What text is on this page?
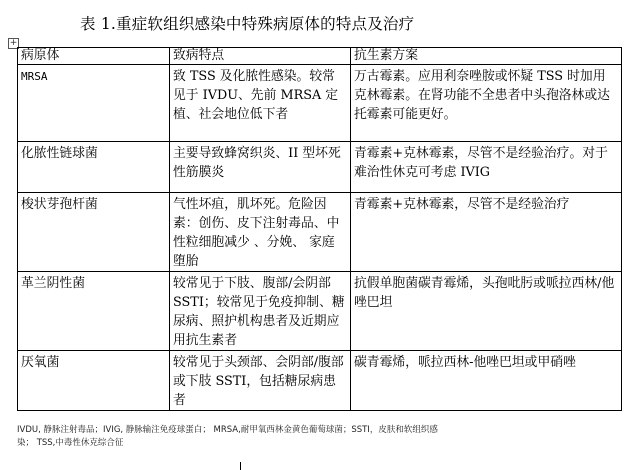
表 1.重症软组织感染中特殊病原体的特点及治疗
+
病原体	致病特点	抗生素方案
MRSA	致 TSS 及化脓性感染。较常见于 IVDU、先前 MRSA 定植、社会地位低下者	万古霉素。应用利奈唑胺或怀疑 TSS 时加用克林霉素。在肾功能不全患者中头孢洛林或达托霉素可能更好。
化脓性链球菌	主要导致蜂窝织炎、II 型坏死性筋膜炎	青霉素+克林霉素，尽管不是经验治疗。对于难治性休克可考虑 IVIG
梭状芽孢杆菌	气性坏疽，肌坏死。危险因素：创伤、皮下注射毒品、中性粒细胞减少 、分娩、 家庭堕胎	青霉素+克林霉素，尽管不是经验治疗
革兰阴性菌	较常见于下肢、腹部/会阴部SSTI；较常见于免疫抑制、糖尿病、照护机构患者及近期应用抗生素者	抗假单胞菌碳青霉烯，头孢吡肟或哌拉西林/他唑巴坦
厌氧菌	较常见于头颈部、会阴部/腹部或下肢 SSTI，包括糖尿病患者	碳青霉烯，哌拉西林-他唑巴坦或甲硝唑
IVDU, 静脉注射毒品；IVIG, 静脉输注免疫球蛋白； MRSA,耐甲氧西林金黄色葡萄球菌；SSTI，皮肤和软组织感
染； TSS,中毒性休克综合征
